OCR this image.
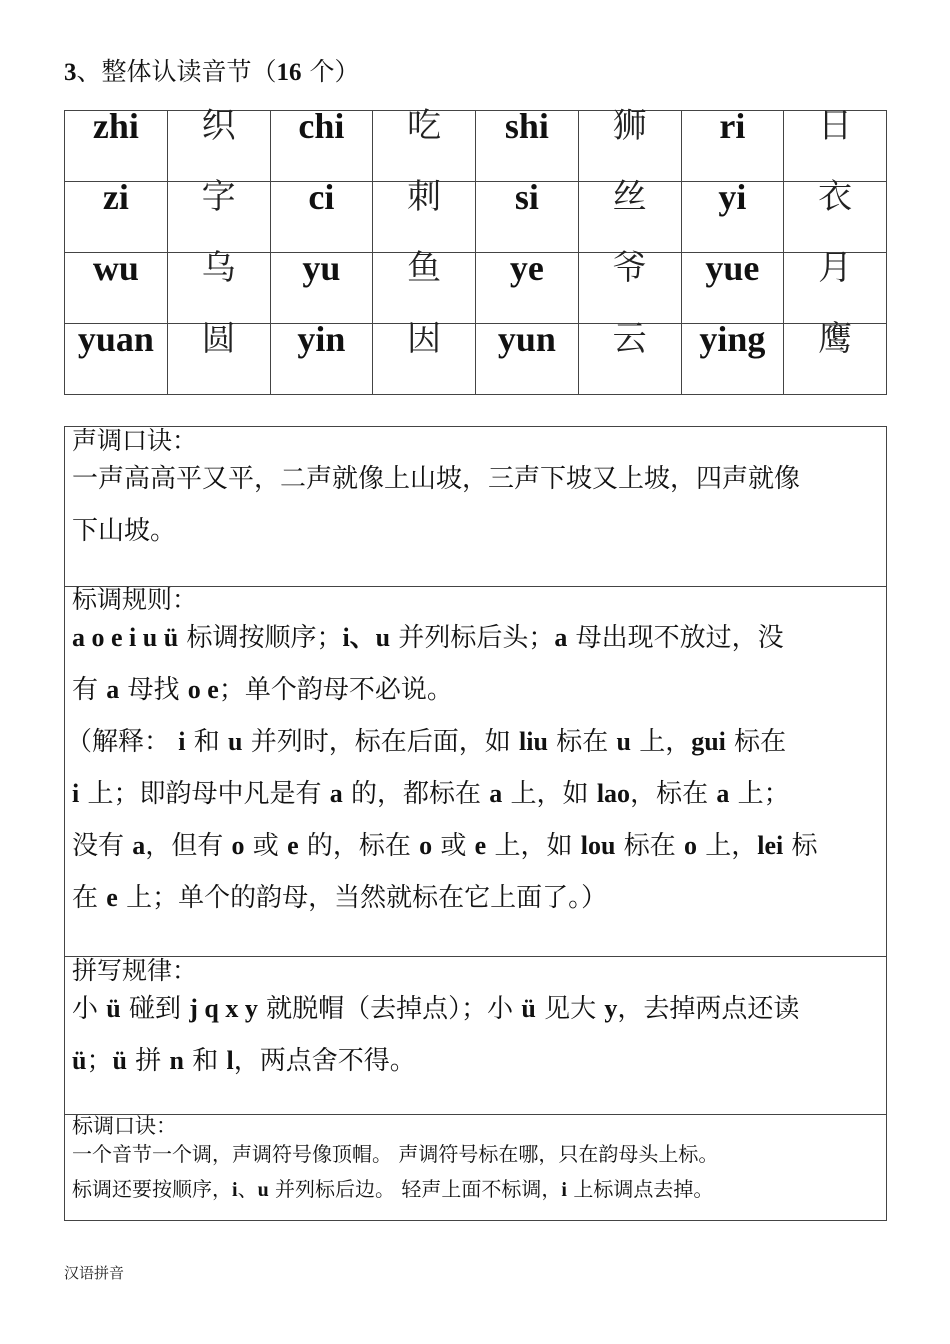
3、整体认读音节（16 个）
zhi	织	chi	吃	shi	狮	ri	日
zi	字	ci	刺	si	丝	yi	衣
wu	乌	yu	鱼	ye	爷	yue	月
yuan	圆	yin	因	yun	云	ying	鹰
声调口诀：
一声高高平又平，二声就像上山坡，三声下坡又上坡，四声就像
下山坡。
标调规则：
a o e i u ü 标调按顺序；i、u 并列标后头；a 母出现不放过，没
有 a 母找 o e；单个韵母不必说。
（解释： i 和 u 并列时，标在后面，如 liu 标在 u 上，gui 标在
i 上；即韵母中凡是有 a 的，都标在 a 上，如 lao，标在 a 上；
没有 a，但有 o 或 e 的，标在 o 或 e 上，如 lou 标在 o 上，lei 标
在 e 上；单个的韵母，当然就标在它上面了。）
拼写规律：
小 ü 碰到 j q x y 就脱帽（去掉点）；小 ü 见大 y，去掉两点还读
ü；ü 拼 n 和 l，两点舍不得。
标调口诀：
一个音节一个调，声调符号像顶帽。 声调符号标在哪，只在韵母头上标。
标调还要按顺序，i、u 并列标后边。 轻声上面不标调，i 上标调点去掉。
汉语拼音
